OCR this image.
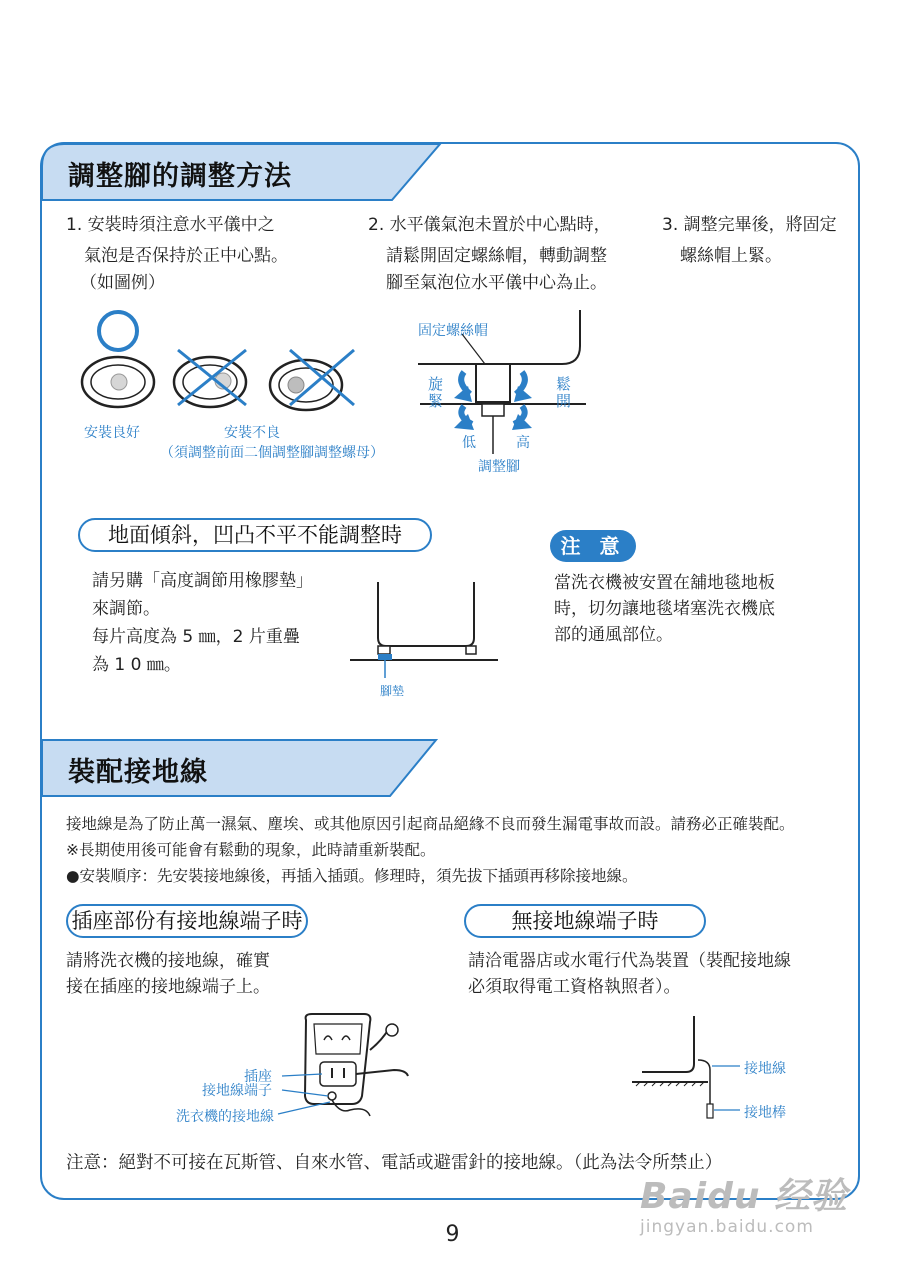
調整腳的調整方法
1. 安裝時須注意水平儀中之
氣泡是否保持於正中心點。
（如圖例）
2. 水平儀氣泡未置於中心點時，
請鬆開固定螺絲帽，轉動調整
腳至氣泡位水平儀中心為止。
3. 調整完畢後，將固定
螺絲帽上緊。
安裝良好	安裝不良
（須調整前面二個調整腳調整螺母）
固定螺絲帽
旋緊
鬆開
低	高
調整腳
地面傾斜，凹凸不平不能調整時
請另購「高度調節用橡膠墊」
來調節。
每片高度為 5 ㎜，2 片重疊
為 1 0 ㎜。
腳墊
注 意
當洗衣機被安置在舖地毯地板
時，切勿讓地毯堵塞洗衣機底
部的通風部位。
裝配接地線
接地線是為了防止萬一濕氣、塵埃、或其他原因引起商品絕緣不良而發生漏電事故而設。請務必正確裝配。
※長期使用後可能會有鬆動的現象，此時請重新裝配。
●安裝順序：先安裝接地線後，再插入插頭。修理時，須先拔下插頭再移除接地線。
插座部份有接地線端子時
請將洗衣機的接地線，確實
接在插座的接地線端子上。
無接地線端子時
請洽電器店或水電行代為裝置（裝配接地線
必須取得電工資格執照者）。
插座
接地線端子
洗衣機的接地線
接地線
接地棒
注意：絕對不可接在瓦斯管、自來水管、電話或避雷針的接地線。（此為法令所禁止）
9
Baidu 经验
jingyan.baidu.com
